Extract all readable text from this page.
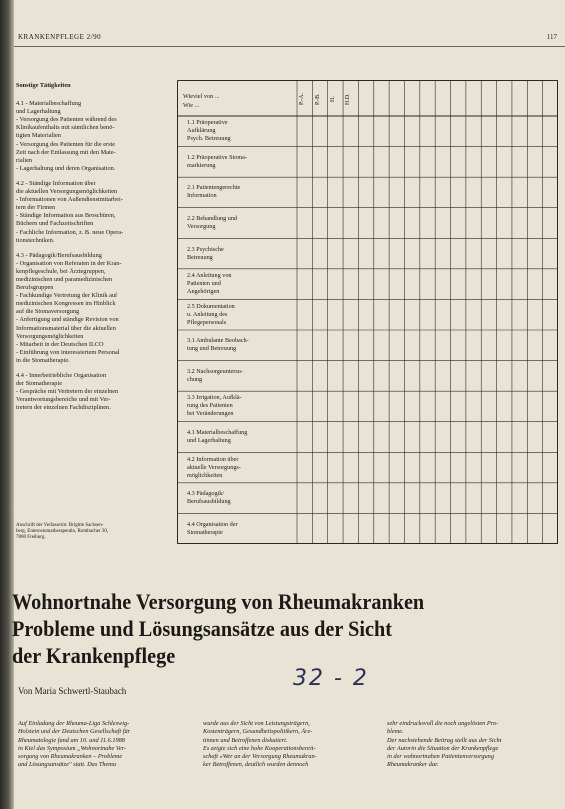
KRANKENPFLEGE 2/90	117
Sonstige Tätigkeiten
4.1 - Materialbeschaffung
und Lagerhaltung
- Versorgung des Patienten während des
Klinikaufenthalts mit sämtlichen benö-
tigten Materialien
- Versorgung des Patienten für die erste
Zeit nach der Entlassung mit den Mate-
rialien
- Lagerhaltung und deren Organisation.
4.2 - Ständige Information über
die aktuellen Versorgungsmöglichkeiten
- Informationen von Außendienstmitarbei-
tern der Firmen
- Ständige Information aus Broschüren,
Büchern und Fachzeitschriften
- Fachliche Information, z. B. neue Opera-
tionstechniken.
4.3 - Pädagogik/Berufsausbildung
- Organisation von Referaten in der Kran-
kenpflegeschule, bei Ärztegruppen,
medizinischen und paramedizinischen
Berufsgruppen
- Fachkundige Vertretung der Klinik auf
medizinischen Kongressen im Hinblick
auf die Stomaversorgung
- Anfertigung und ständige Revision von
Informationsmaterial über die aktuellen
Versorgungsmöglichkeiten
- Mitarbeit in der Deutschen ILCO
- Einführung von interessiertem Personal
in die Stomatherapie.
4.4 - Innerbetriebliche Organisation
der Stomatherapie
- Gespräche mit Vertretern der einzelnen
Verantwortungsbereiche und mit Ver-
tretern der einzelnen Fachdisziplinen.
Anschrift der Verfasserin: Brigitte Sachsen-
berg, Enterostomatherapeutin, Rombacher 30,
7800 Freiburg.
Wieviel von ...
Wie ...
P.-A.	P.-B.	H.	H.D.
1.1 Präoperative
Aufklärung
Psych. Betreuung
1.2 Präoperative Stoma-
markierung
2.1 Patientengerechte
Information
2.2 Behandlung und
Versorgung
2.3 Psychische
Betreuung
2.4 Anleitung von
Patienten und
Angehörigen
2.5 Dokumentation
u. Anleitung des
Pflegepersonals
3.1 Ambulante Beobach-
tung und Betreuung
3.2 Nachsorgeuntersu-
chung
3.3 Irrigation, Aufklä-
rung des Patienten
bei Veränderungen
4.1 Materialbeschaffung
und Lagerhaltung
4.2 Information über
aktuelle Versorgungs-
möglichkeiten
4.3 Pädagogik/
Berufsausbildung
4.4 Organisation der
Stomatherapie
Wohnortnahe Versorgung von Rheumakranken
Probleme und Lösungsansätze aus der Sicht
der Krankenpflege
32 - 2
Von Maria Schwertl-Staubach
Auf Einladung der Rheuma-Liga Schleswig-
Holstein und der Deutschen Gesellschaft für
Rheumatologie fand am 10. und 11.6.1988
in Kiel das Symposium „Wohnortnahe Ver-
sorgung von Rheumakranken – Probleme
und Lösungsansätze" statt. Das Thema
wurde aus der Sicht von Leistungsträgern,
Kostenträgern, Gesundheitspolitikern, Ärz-
tinnen und Betroffenen diskutiert.
Es zeigte sich eine hohe Kooperationsbereit-
schaft «Wer an der Versorgung Rheumakran-
ker Betroffenen, deutlich wurden dennoch
sehr eindrucksvoll die noch ungelösten Pro-
bleme.
Der nachstehende Beitrag stellt aus der Sicht
der Autorin die Situation der Krankenpflege
in der wohnortnahen Patientenversorgung
Rheumakranker dar.
